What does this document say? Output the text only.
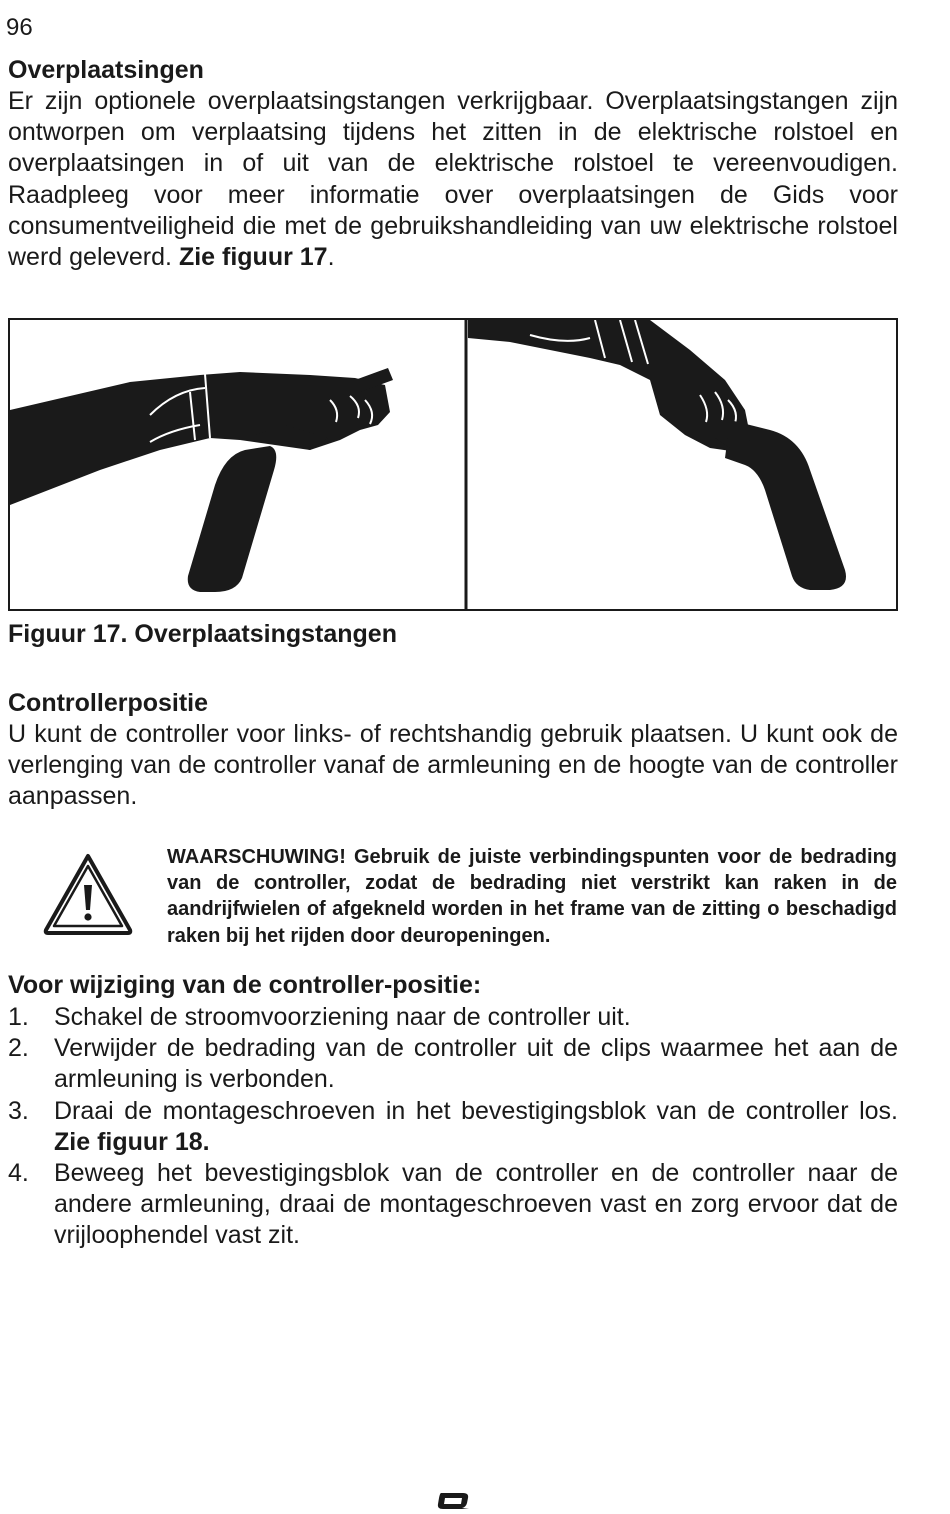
96
Overplaatsingen

Er zijn optionele overplaatsingstangen verkrijgbaar. Overplaatsingstangen zijn ontworpen om verplaatsing tijdens het zitten in de elektrische rolstoel en overplaatsingen in of uit van de elektrische rolstoel te vereenvoudigen. Raadpleeg voor meer informatie over overplaatsingen de Gids voor consumentveiligheid die met de gebruikshandleiding van uw elektrische rolstoel werd geleverd. Zie figuur 17.

Figuur 17. Overplaatsingstangen

Controllerpositie

U kunt de controller voor links- of rechtshandig gebruik plaatsen. U kunt ook de verlenging van de controller vanaf de armleuning en de hoogte van de controller aanpassen.

WAARSCHUWING! Gebruik de juiste verbindingspunten voor de bedrading van de controller, zodat de bedrading niet verstrikt kan raken in de aandrijfwielen of afgekneld worden in het frame van de zitting o beschadigd raken bij het rijden door deuropeningen.

Voor wijziging van de controller-positie:
1. Schakel de stroomvoorziening naar de controller uit.
2. Verwijder de bedrading van de controller uit de clips waarmee het aan de armleuning is verbonden.
3. Draai de montageschroeven in het bevestigingsblok van de controller los. Zie figuur 18.
4. Beweeg het bevestigingsblok van de controller en de controller naar de andere armleuning, draai de montageschroeven vast en zorg ervoor dat de vrijloophendel vast zit.
